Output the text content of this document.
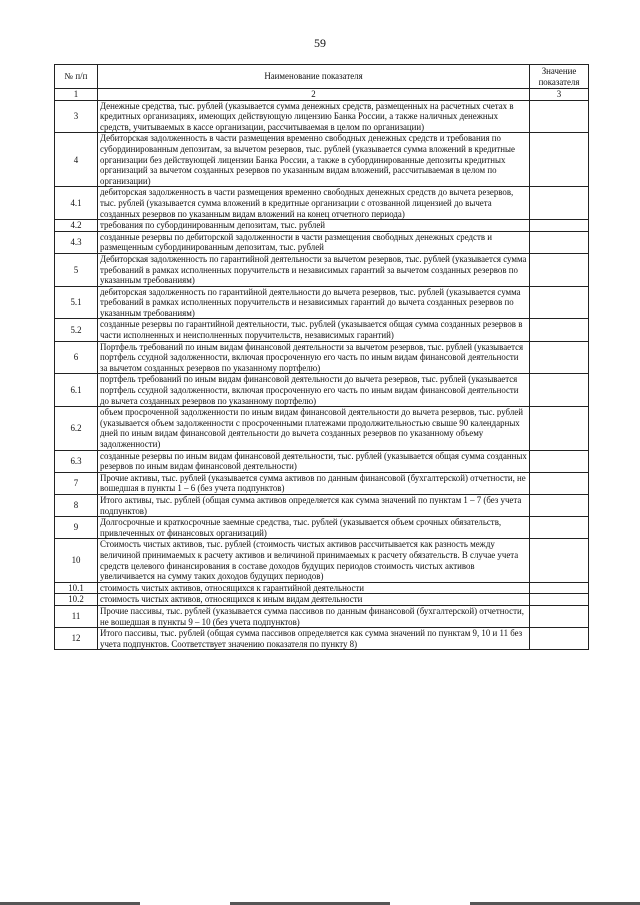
59
№ п/п	Наименование показателя	Значение показателя
1	2	3
3	Денежные средства, тыс. рублей (указывается сумма денежных средств, размещенных на расчетных счетах в кредитных организациях, имеющих действующую лицензию Банка России, а также наличных денежных средств, учитываемых в кассе организации, рассчитываемая в целом по организации)	
4	Дебиторская задолженность в части размещения временно свободных денежных средств и требования по субординированным депозитам, за вычетом резервов, тыс. рублей (указывается сумма вложений в кредитные организации без действующей лицензии Банка России, а также в субординированные депозиты кредитных организаций за вычетом созданных резервов по указанным видам вложений, рассчитываемая в целом по организации)	
4.1	дебиторская задолженность в части размещения временно свободных денежных средств до вычета резервов, тыс. рублей (указывается сумма вложений в кредитные организации с отозванной лицензией до вычета созданных резервов по указанным видам вложений на конец отчетного периода)	
4.2	требования по субординированным депозитам, тыс. рублей	
4.3	созданные резервы по дебиторской задолженности в части размещения свободных денежных средств и размещенным субординированным депозитам, тыс. рублей	
5	Дебиторская задолженность по гарантийной деятельности за вычетом резервов, тыс. рублей (указывается сумма требований в рамках исполненных поручительств и независимых гарантий за вычетом созданных резервов по указанным требованиям)	
5.1	дебиторская задолженность по гарантийной деятельности до вычета резервов, тыс. рублей (указывается сумма требований в рамках исполненных поручительств и независимых гарантий до вычета созданных резервов по указанным требованиям)	
5.2	созданные резервы по гарантийной деятельности, тыс. рублей (указывается общая сумма созданных резервов в части исполненных и неисполненных поручительств, независимых гарантий)	
6	Портфель требований по иным видам финансовой деятельности за вычетом резервов, тыс. рублей (указывается портфель ссудной задолженности, включая просроченную его часть по иным видам финансовой деятельности за вычетом созданных резервов по указанному портфелю)	
6.1	портфель требований по иным видам финансовой деятельности до вычета резервов, тыс. рублей (указывается портфель ссудной задолженности, включая просроченную его часть по иным видам финансовой деятельности до вычета созданных резервов по указанному портфелю)	
6.2	объем просроченной задолженности по иным видам финансовой деятельности до вычета резервов, тыс. рублей (указывается объем задолженности с просроченными платежами продолжительностью свыше 90 календарных дней по иным видам финансовой деятельности до вычета созданных резервов по указанному объему задолженности)	
6.3	созданные резервы по иным видам финансовой деятельности, тыс. рублей (указывается общая сумма созданных резервов по иным видам финансовой деятельности)	
7	Прочие активы, тыс. рублей (указывается сумма активов по данным финансовой (бухгалтерской) отчетности, не вошедшая в пункты 1 – 6 (без учета подпунктов)	
8	Итого активы, тыс. рублей (общая сумма активов определяется как сумма значений по пунктам 1 – 7 (без учета подпунктов)	
9	Долгосрочные и краткосрочные заемные средства, тыс. рублей (указывается объем срочных обязательств, привлеченных от финансовых организаций)	
10	Стоимость чистых активов, тыс. рублей (стоимость чистых активов рассчитывается как разность между величиной принимаемых к расчету активов и величиной принимаемых к расчету обязательств. В случае учета средств целевого финансирования в составе доходов будущих периодов стоимость чистых активов увеличивается на сумму таких доходов будущих периодов)	
10.1	стоимость чистых активов, относящихся к гарантийной деятельности	
10.2	стоимость чистых активов, относящихся к иным видам деятельности	
11	Прочие пассивы, тыс. рублей (указывается сумма пассивов по данным финансовой (бухгалтерской) отчетности, не вошедшая в пункты 9 – 10 (без учета подпунктов)	
12	Итого пассивы, тыс. рублей (общая сумма пассивов определяется как сумма значений по пунктам 9, 10 и 11 без учета подпунктов. Соответствует значению показателя по пункту 8)	
